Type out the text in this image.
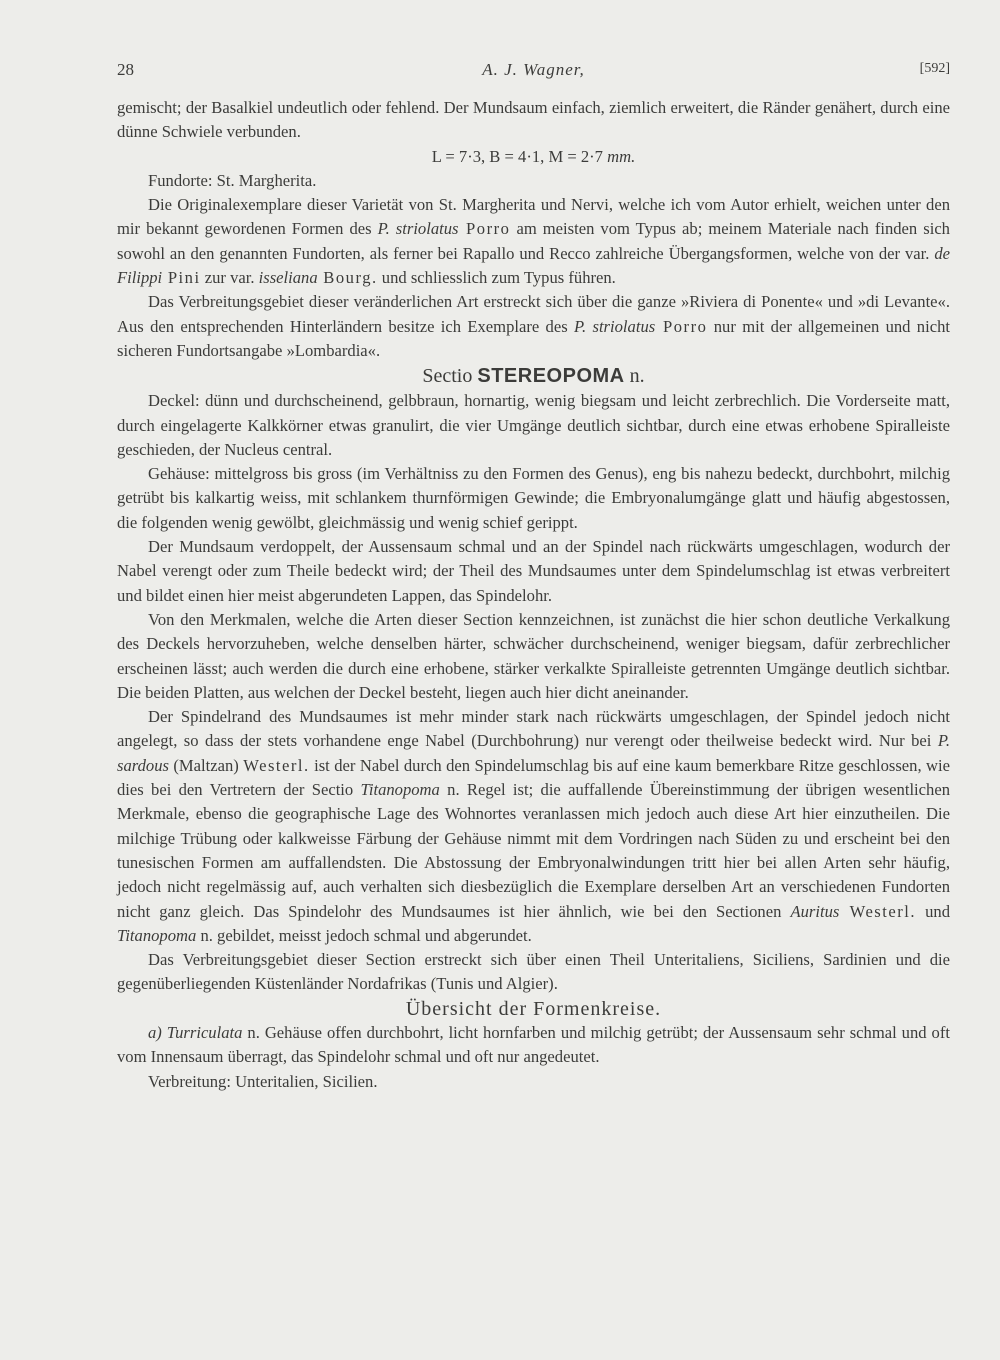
28	A. J. Wagner,	[592]

gemischt; der Basalkiel undeutlich oder fehlend. Der Mundsaum einfach, ziemlich erweitert, die Ränder genähert, durch eine dünne Schwiele verbunden.

L = 7·3, B = 4·1, M = 2·7 mm.

Fundorte: St. Margherita.

Die Originalexemplare dieser Varietät von St. Margherita und Nervi, welche ich vom Autor erhielt, weichen unter den mir bekannt gewordenen Formen des P. striolatus Porro am meisten vom Typus ab; meinem Materiale nach finden sich sowohl an den genannten Fundorten, als ferner bei Rapallo und Recco zahlreiche Übergangsformen, welche von der var. de Filippi Pini zur var. isseliana Bourg. und schliesslich zum Typus führen.

Das Verbreitungsgebiet dieser veränderlichen Art erstreckt sich über die ganze »Riviera di Ponente« und »di Levante«. Aus den entsprechenden Hinterländern besitze ich Exemplare des P. striolatus Porro nur mit der allgemeinen und nicht sicheren Fundortsangabe »Lombardia«.

Sectio STEREOPOMA n.

Deckel: dünn und durchscheinend, gelbbraun, hornartig, wenig biegsam und leicht zerbrechlich. Die Vorderseite matt, durch eingelagerte Kalkkörner etwas granulirt, die vier Umgänge deutlich sichtbar, durch eine etwas erhobene Spiralleiste geschieden, der Nucleus central.

Gehäuse: mittelgross bis gross (im Verhältniss zu den Formen des Genus), eng bis nahezu bedeckt, durchbohrt, milchig getrübt bis kalkartig weiss, mit schlankem thurnförmigen Gewinde; die Embryonalumgänge glatt und häufig abgestossen, die folgenden wenig gewölbt, gleichmässig und wenig schief gerippt.

Der Mundsaum verdoppelt, der Aussensaum schmal und an der Spindel nach rückwärts umgeschlagen, wodurch der Nabel verengt oder zum Theile bedeckt wird; der Theil des Mundsaumes unter dem Spindelumschlag ist etwas verbreitert und bildet einen hier meist abgerundeten Lappen, das Spindelohr.

Von den Merkmalen, welche die Arten dieser Section kennzeichnen, ist zunächst die hier schon deutliche Verkalkung des Deckels hervorzuheben, welche denselben härter, schwächer durchscheinend, weniger biegsam, dafür zerbrechlicher erscheinen lässt; auch werden die durch eine erhobene, stärker verkalkte Spiralleiste getrennten Umgänge deutlich sichtbar. Die beiden Platten, aus welchen der Deckel besteht, liegen auch hier dicht aneinander.

Der Spindelrand des Mundsaumes ist mehr minder stark nach rückwärts umgeschlagen, der Spindel jedoch nicht angelegt, so dass der stets vorhandene enge Nabel (Durchbohrung) nur verengt oder theilweise bedeckt wird. Nur bei P. sardous (Maltzan) Westerl. ist der Nabel durch den Spindelumschlag bis auf eine kaum bemerkbare Ritze geschlossen, wie dies bei den Vertretern der Sectio Titanopoma n. Regel ist; die auffallende Übereinstimmung der übrigen wesentlichen Merkmale, ebenso die geographische Lage des Wohnortes veranlassen mich jedoch auch diese Art hier einzutheilen. Die milchige Trübung oder kalkweisse Färbung der Gehäuse nimmt mit dem Vordringen nach Süden zu und erscheint bei den tunesischen Formen am auffallendsten. Die Abstossung der Embryonalwindungen tritt hier bei allen Arten sehr häufig, jedoch nicht regelmässig auf, auch verhalten sich diesbezüglich die Exemplare derselben Art an verschiedenen Fundorten nicht ganz gleich. Das Spindelohr des Mundsaumes ist hier ähnlich, wie bei den Sectionen Auritus Westerl. und Titanopoma n. gebildet, meisst jedoch schmal und abgerundet.

Das Verbreitungsgebiet dieser Section erstreckt sich über einen Theil Unteritaliens, Siciliens, Sardinien und die gegenüberliegenden Küstenländer Nordafrikas (Tunis und Algier).

Übersicht der Formenkreise.

a) Turriculata n. Gehäuse offen durchbohrt, licht hornfarben und milchig getrübt; der Aussensaum sehr schmal und oft vom Innensaum überragt, das Spindelohr schmal und oft nur angedeutet.

Verbreitung: Unteritalien, Sicilien.
